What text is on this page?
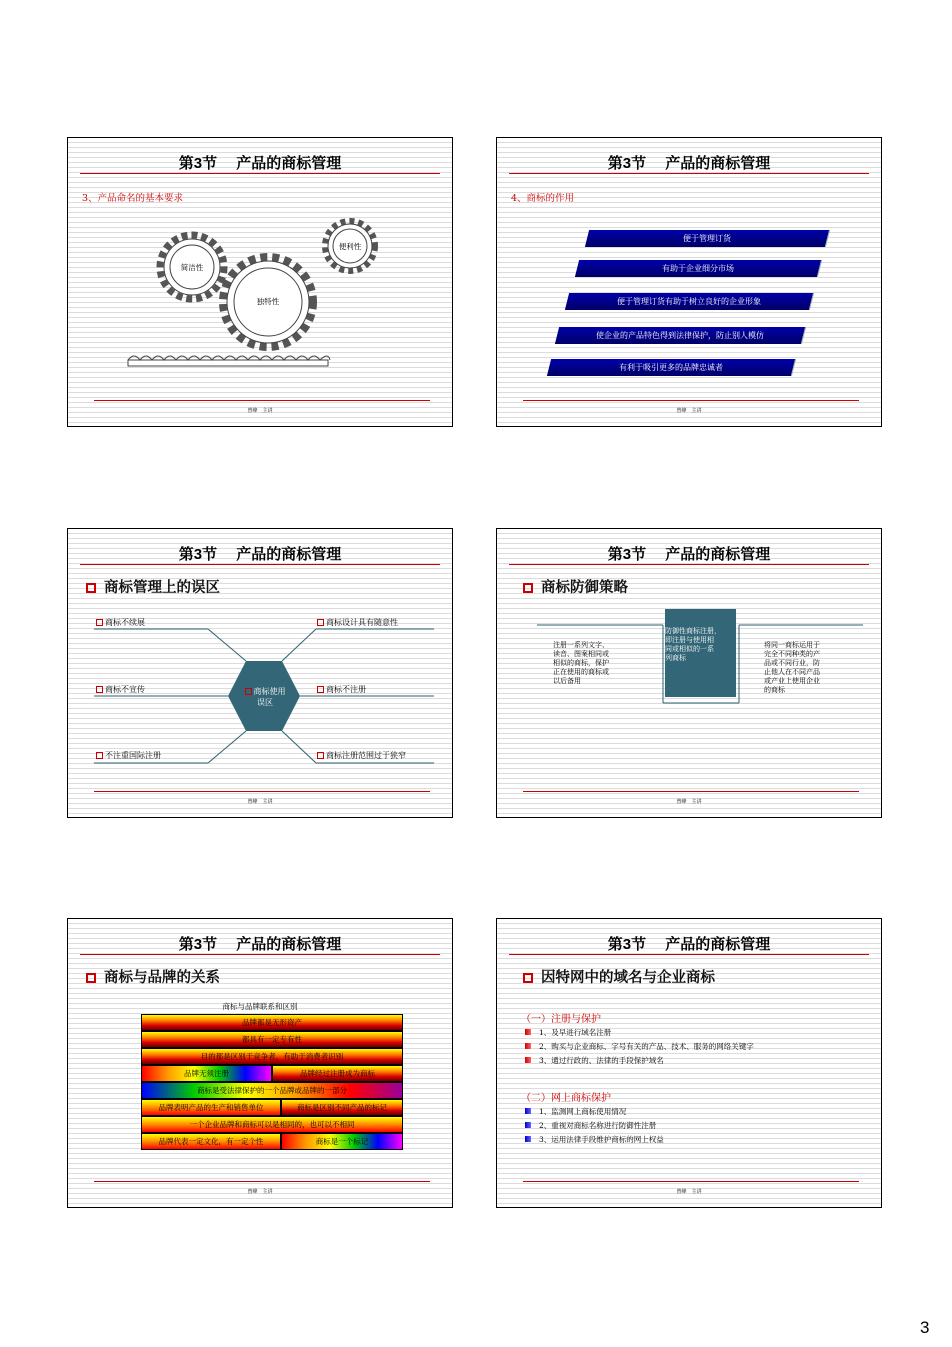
第3节　 产品的商标管理
3、产品命名的基本要求
简洁性
独特性
便利性
曾峰　主讲
第3节　 产品的商标管理
4、商标的作用
便于管理订货
有助于企业细分市场
便于管理订货有助于树立良好的企业形象
使企业的产品特色得到法律保护，防止别人模仿
有利于吸引更多的品牌忠诚者
曾峰　主讲
第3节　 产品的商标管理
商标管理上的误区
商标使用
误区
商标不续展
商标不宣传
不注重国际注册
商标设计具有随意性
商标不注册
商标注册范围过于狭窄
曾峰　主讲
第3节　 产品的商标管理
商标防御策略
注册一系列文字、
读音、图案相同或
相似的商标，保护
正在使用的商标或
以后备用
防御性商标注册，
即注册与使用相
同或相似的一系
列商标
将同一商标运用于
完全不同种类的产
品或不同行业，防
止他人在不同产品
或产业上使用企业
的商标
曾峰　主讲
第3节　 产品的商标管理
商标与品牌的关系
商标与品牌联系和区别
品牌都是无形资产
都具有一定专有性
目的都是区别于竞争者，有助于消费者识别
品牌无须注册	品牌经过注册成为商标
商标是受法律保护的一个品牌或品牌的一部分
品牌表明产品的生产和销售单位	商标是区别不同产品的标记
一个企业品牌和商标可以是相同的，也可以不相同
品牌代表一定文化，有一定个性	商标是一个标记
曾峰　主讲
第3节　 产品的商标管理
因特网中的域名与企业商标
（一）注册与保护
1、及早进行域名注册
2、购买与企业商标、字号有关的产品、技术、服务的网络关键字
3、通过行政的、法律的手段保护域名
（二）网上商标保护
1、监测网上商标使用情况
2、重视对商标名称进行防御性注册
3、运用法律手段维护商标的网上权益
曾峰　主讲
3
